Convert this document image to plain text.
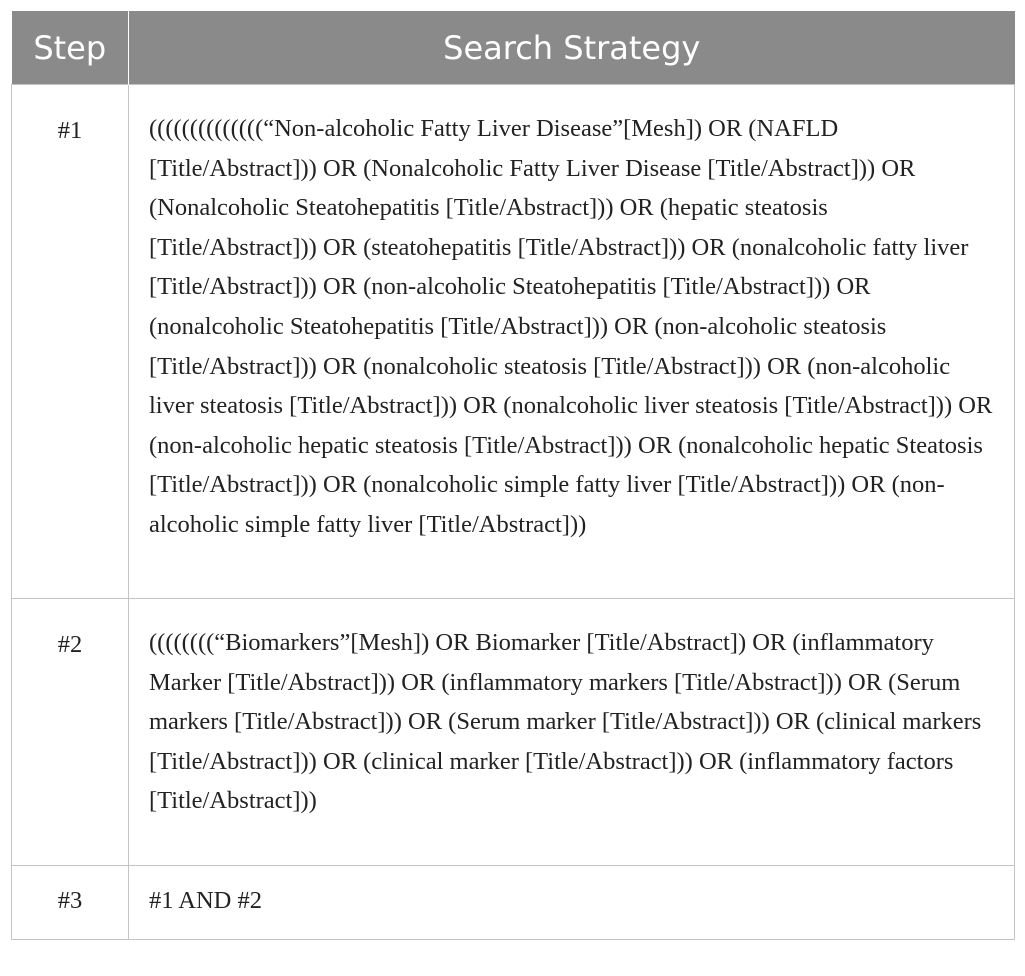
Step	Search Strategy
#1	((((((((((((((“Non-alcoholic Fatty Liver Disease”[Mesh]) OR (NAFLD [Title/Abstract])) OR (Nonalcoholic Fatty Liver Disease [Title/Abstract])) OR (Nonalcoholic Steatohepatitis [Title/Abstract])) OR (hepatic steatosis [Title/Abstract])) OR (steatohepatitis [Title/Abstract])) OR (nonalcoholic fatty liver [Title/Abstract])) OR (non-alcoholic Steatohepatitis [Title/Abstract])) OR (nonalcoholic Steatohepatitis [Title/Abstract])) OR (non-alcoholic steatosis [Title/Abstract])) OR (nonalcoholic steatosis [Title/Abstract])) OR (non-alcoholic liver steatosis [Title/Abstract])) OR (nonalcoholic liver steatosis [Title/Abstract])) OR (non-alcoholic hepatic steatosis [Title/Abstract])) OR (nonalcoholic hepatic Steatosis [Title/Abstract])) OR (nonalcoholic simple fatty liver [Title/Abstract])) OR (non-alcoholic simple fatty liver [Title/Abstract]))
#2	((((((((“Biomarkers”[Mesh]) OR Biomarker [Title/Abstract]) OR (inflammatory Marker [Title/Abstract])) OR (inflammatory markers [Title/Abstract])) OR (Serum markers [Title/Abstract])) OR (Serum marker [Title/Abstract])) OR (clinical markers [Title/Abstract])) OR (clinical marker [Title/Abstract])) OR (inflammatory factors [Title/Abstract]))
#3	#1 AND #2
